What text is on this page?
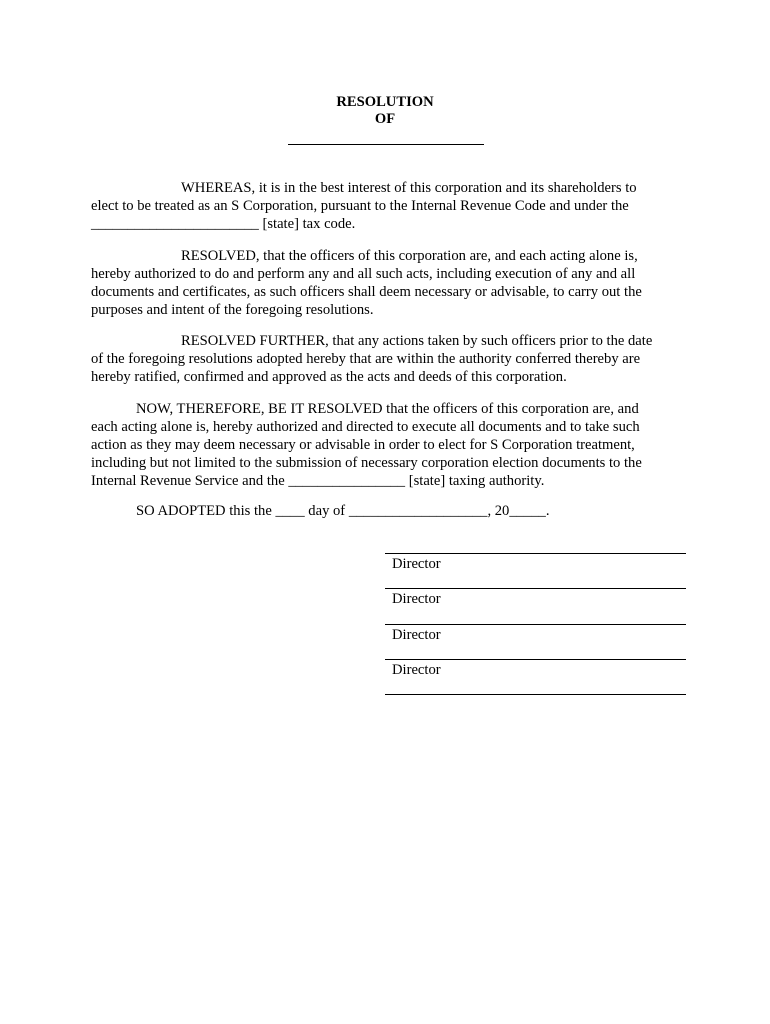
RESOLUTION
OF
WHEREAS, it is in the best interest of this corporation and its shareholders to
elect to be treated as an S Corporation, pursuant to the Internal Revenue Code and under the
_______________________ [state] tax code.
RESOLVED, that the officers of this corporation are, and each acting alone is,
hereby authorized to do and perform any and all such acts, including execution of any and all
documents and certificates, as such officers shall deem necessary or advisable, to carry out the
purposes and intent of the foregoing resolutions.
RESOLVED FURTHER, that any actions taken by such officers prior to the date
of the foregoing resolutions adopted hereby that are within the authority conferred thereby are
hereby ratified, confirmed and approved as the acts and deeds of this corporation.
NOW, THEREFORE, BE IT RESOLVED that the officers of this corporation are, and
each acting alone is, hereby authorized and directed to execute all documents and to take such
action as they may deem necessary or advisable in order to elect for S Corporation treatment,
including but not limited to the submission of necessary corporation election documents to the
Internal Revenue Service and the ________________ [state] taxing authority.
SO ADOPTED this the ____ day of ___________________, 20_____.
Director
Director
Director
Director
